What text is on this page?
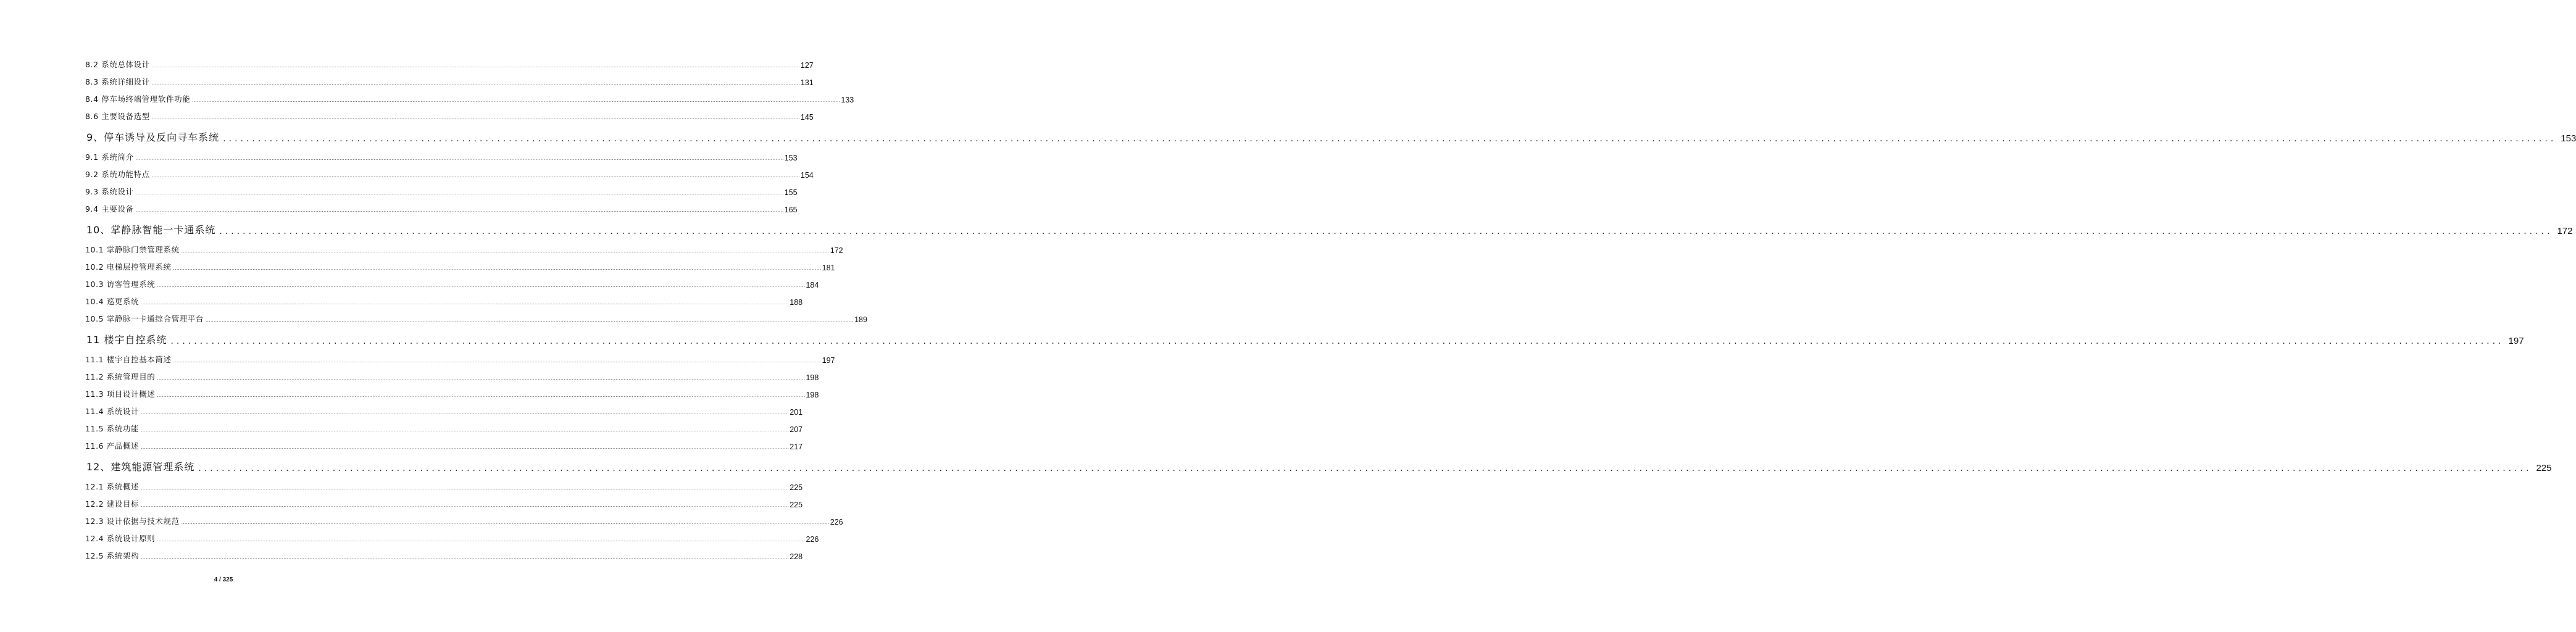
8.2 系统总体设计 ................................................................................................................................................................................................................................................................................................................................................................................................................ 127
8.3 系统详细设计 ................................................................................................................................................................................................................................................................................................................................................................................................................ 131
8.4 停车场终端管理软件功能 ................................................................................................................................................................................................................................................................................................................................................................................................................ 133
8.6 主要设备选型 ................................................................................................................................................................................................................................................................................................................................................................................................................ 145
9、停车诱导及反向寻车系统 ................................................................................................................................................................................................................................................................................................................................................................................................................ 153
9.1 系统简介 ................................................................................................................................................................................................................................................................................................................................................................................................................ 153
9.2 系统功能特点 ................................................................................................................................................................................................................................................................................................................................................................................................................ 154
9.3 系统设计 ................................................................................................................................................................................................................................................................................................................................................................................................................ 155
9.4 主要设备 ................................................................................................................................................................................................................................................................................................................................................................................................................ 165
10、掌静脉智能一卡通系统 ................................................................................................................................................................................................................................................................................................................................................................................................................ 172
10.1 掌静脉门禁管理系统 ................................................................................................................................................................................................................................................................................................................................................................................................................ 172
10.2 电梯层控管理系统 ................................................................................................................................................................................................................................................................................................................................................................................................................ 181
10.3 访客管理系统 ................................................................................................................................................................................................................................................................................................................................................................................................................ 184
10.4 巡更系统 ................................................................................................................................................................................................................................................................................................................................................................................................................ 188
10.5 掌静脉一卡通综合管理平台 ................................................................................................................................................................................................................................................................................................................................................................................................................ 189
11 楼宇自控系统 ................................................................................................................................................................................................................................................................................................................................................................................................................ 197
11.1 楼宇自控基本简述 ................................................................................................................................................................................................................................................................................................................................................................................................................ 197
11.2 系统管理目的 ................................................................................................................................................................................................................................................................................................................................................................................................................ 198
11.3 项目设计概述 ................................................................................................................................................................................................................................................................................................................................................................................................................ 198
11.4 系统设计 ................................................................................................................................................................................................................................................................................................................................................................................................................ 201
11.5 系统功能 ................................................................................................................................................................................................................................................................................................................................................................................................................ 207
11.6 产品概述 ................................................................................................................................................................................................................................................................................................................................................................................................................ 217
12、建筑能源管理系统 ................................................................................................................................................................................................................................................................................................................................................................................................................ 225
12.1 系统概述 ................................................................................................................................................................................................................................................................................................................................................................................................................ 225
12.2 建设目标 ................................................................................................................................................................................................................................................................................................................................................................................................................ 225
12.3 设计依据与技术规范 ................................................................................................................................................................................................................................................................................................................................................................................................................ 226
12.4 系统设计原则 ................................................................................................................................................................................................................................................................................................................................................................................................................ 226
12.5 系统架构 ................................................................................................................................................................................................................................................................................................................................................................................................................ 228
4 / 325
